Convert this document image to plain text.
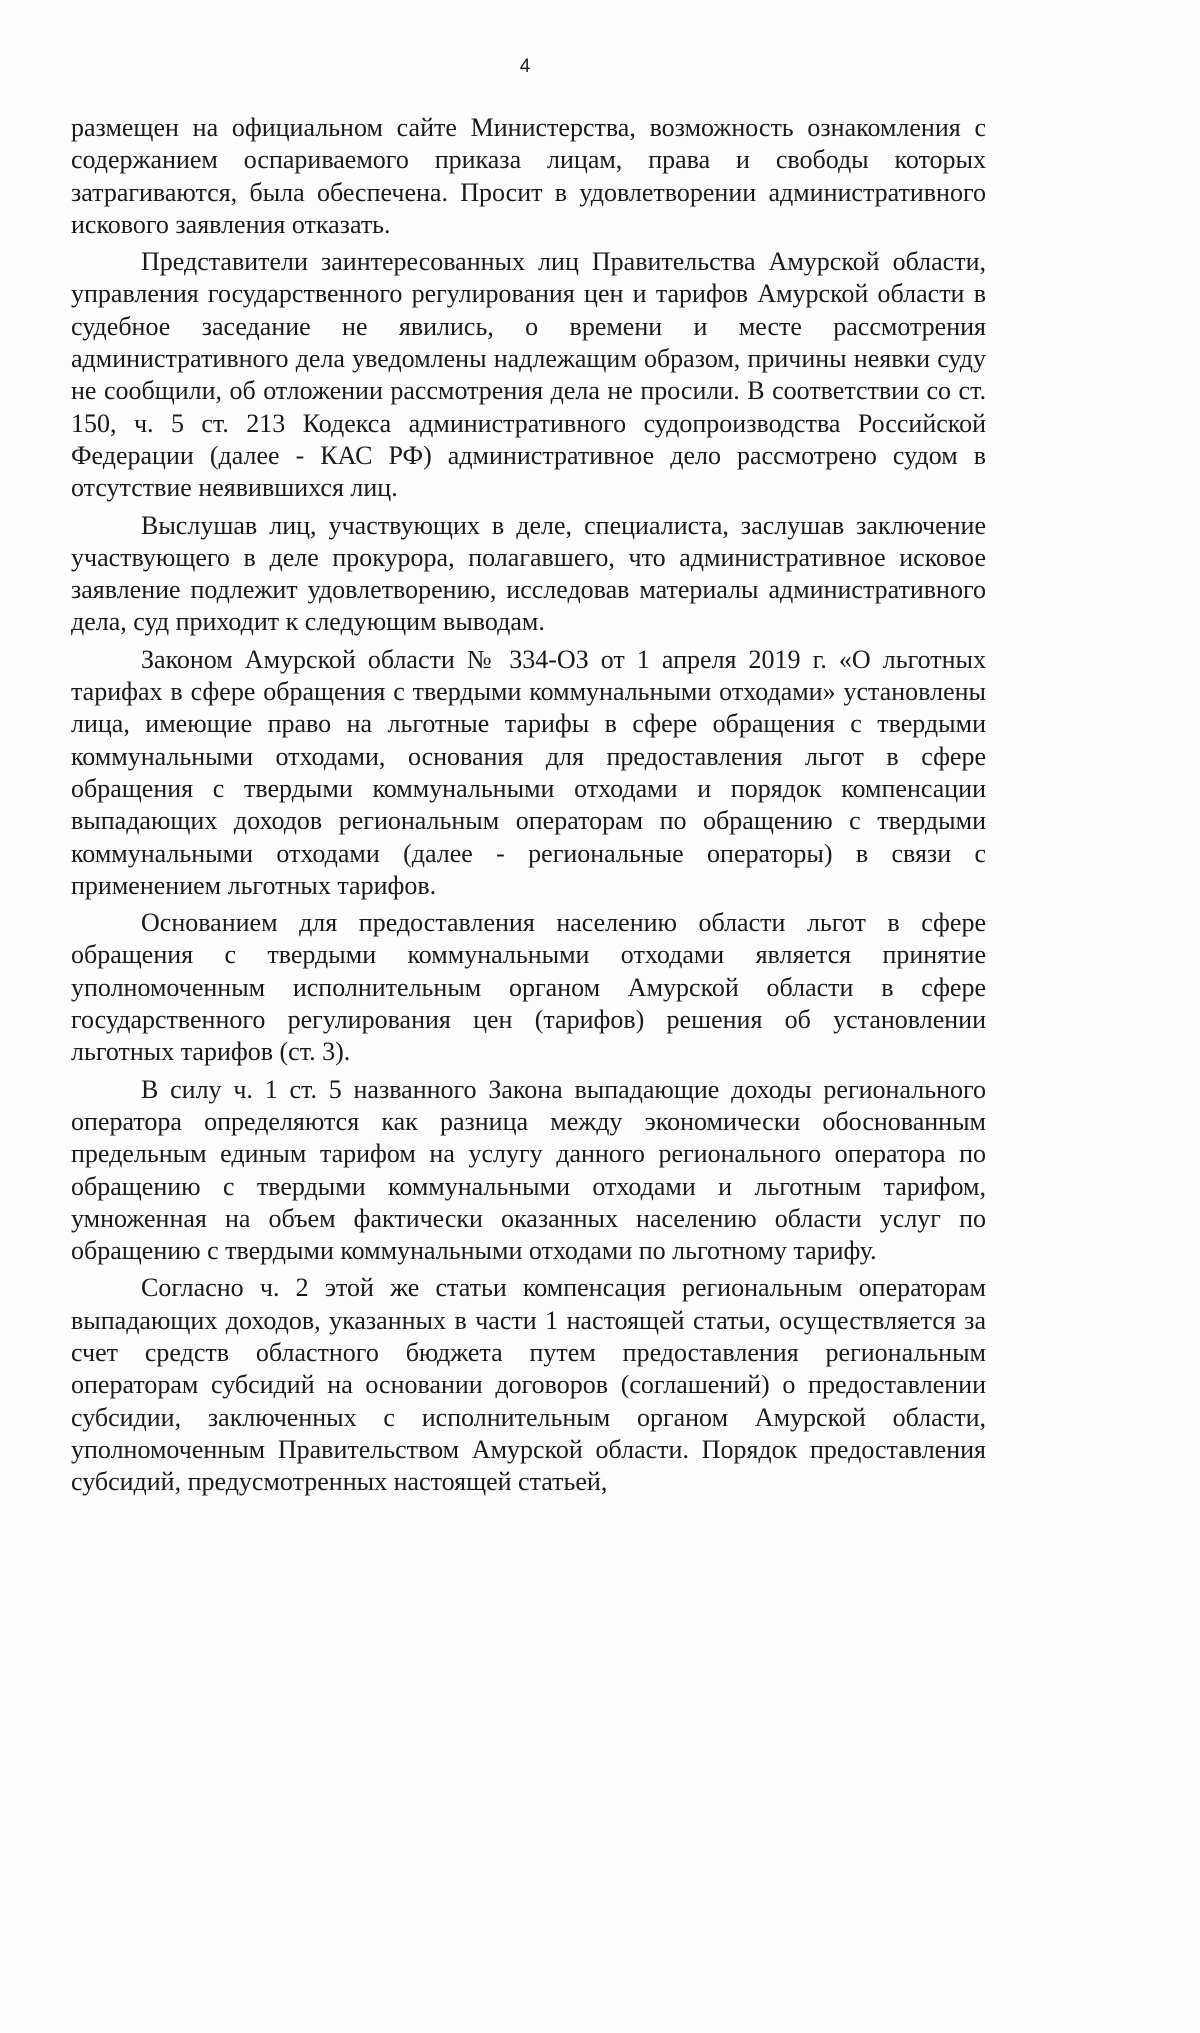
4

размещен на официальном сайте Министерства, возможность ознакомления с содержанием оспариваемого приказа лицам, права и свободы которых затрагиваются, была обеспечена. Просит в удовлетворении административного искового заявления отказать.

Представители заинтересованных лиц Правительства Амурской области, управления государственного регулирования цен и тарифов Амурской области в судебное заседание не явились, о времени и месте рассмотрения административного дела уведомлены надлежащим образом, причины неявки суду не сообщили, об отложении рассмотрения дела не просили. В соответствии со ст. 150, ч. 5 ст. 213 Кодекса административного судопроизводства Российской Федерации (далее - КАС РФ) административное дело рассмотрено судом в отсутствие неявившихся лиц.

Выслушав лиц, участвующих в деле, специалиста, заслушав заключение участвующего в деле прокурора, полагавшего, что административное исковое заявление подлежит удовлетворению, исследовав материалы административного дела, суд приходит к следующим выводам.

Законом Амурской области № 334-ОЗ от 1 апреля 2019 г. «О льготных тарифах в сфере обращения с твердыми коммунальными отходами» установлены лица, имеющие право на льготные тарифы в сфере обращения с твердыми коммунальными отходами, основания для предоставления льгот в сфере обращения с твердыми коммунальными отходами и порядок компенсации выпадающих доходов региональным операторам по обращению с твердыми коммунальными отходами (далее - региональные операторы) в связи с применением льготных тарифов.

Основанием для предоставления населению области льгот в сфере обращения с твердыми коммунальными отходами является принятие уполномоченным исполнительным органом Амурской области в сфере государственного регулирования цен (тарифов) решения об установлении льготных тарифов (ст. 3).

В силу ч. 1 ст. 5 названного Закона выпадающие доходы регионального оператора определяются как разница между экономически обоснованным предельным единым тарифом на услугу данного регионального оператора по обращению с твердыми коммунальными отходами и льготным тарифом, умноженная на объем фактически оказанных населению области услуг по обращению с твердыми коммунальными отходами по льготному тарифу.

Согласно ч. 2 этой же статьи компенсация региональным операторам выпадающих доходов, указанных в части 1 настоящей статьи, осуществляется за счет средств областного бюджета путем предоставления региональным операторам субсидий на основании договоров (соглашений) о предоставлении субсидии, заключенных с исполнительным органом Амурской области, уполномоченным Правительством Амурской области. Порядок предоставления субсидий, предусмотренных настоящей статьей,
